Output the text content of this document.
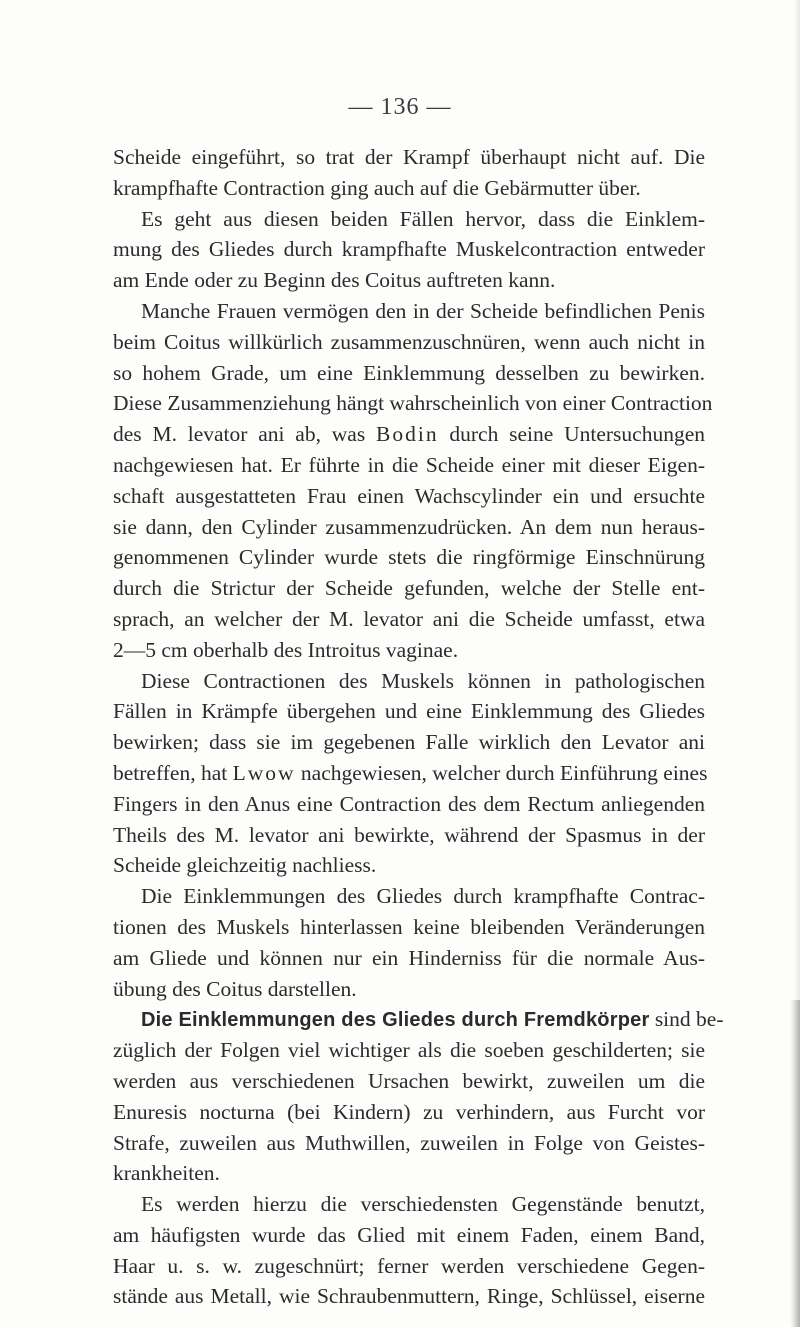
— 136 —
Scheide eingeführt, so trat der Krampf überhaupt nicht auf. Die
krampfhafte Contraction ging auch auf die Gebärmutter über.
Es geht aus diesen beiden Fällen hervor, dass die Einklem-
mung des Gliedes durch krampfhafte Muskelcontraction entweder
am Ende oder zu Beginn des Coitus auftreten kann.
Manche Frauen vermögen den in der Scheide befindlichen Penis
beim Coitus willkürlich zusammenzuschnüren, wenn auch nicht in
so hohem Grade, um eine Einklemmung desselben zu bewirken.
Diese Zusammenziehung hängt wahrscheinlich von einer Contraction
des M. levator ani ab, was Bodin durch seine Untersuchungen
nachgewiesen hat. Er führte in die Scheide einer mit dieser Eigen-
schaft ausgestatteten Frau einen Wachscylinder ein und ersuchte
sie dann, den Cylinder zusammenzudrücken. An dem nun heraus-
genommenen Cylinder wurde stets die ringförmige Einschnürung
durch die Strictur der Scheide gefunden, welche der Stelle ent-
sprach, an welcher der M. levator ani die Scheide umfasst, etwa
2—5 cm oberhalb des Introitus vaginae.
Diese Contractionen des Muskels können in pathologischen
Fällen in Krämpfe übergehen und eine Einklemmung des Gliedes
bewirken; dass sie im gegebenen Falle wirklich den Levator ani
betreffen, hat Lwow nachgewiesen, welcher durch Einführung eines
Fingers in den Anus eine Contraction des dem Rectum anliegenden
Theils des M. levator ani bewirkte, während der Spasmus in der
Scheide gleichzeitig nachliess.
Die Einklemmungen des Gliedes durch krampfhafte Contrac-
tionen des Muskels hinterlassen keine bleibenden Veränderungen
am Gliede und können nur ein Hinderniss für die normale Aus-
übung des Coitus darstellen.
Die Einklemmungen des Gliedes durch Fremdkörper sind be-
züglich der Folgen viel wichtiger als die soeben geschilderten; sie
werden aus verschiedenen Ursachen bewirkt, zuweilen um die
Enuresis nocturna (bei Kindern) zu verhindern, aus Furcht vor
Strafe, zuweilen aus Muthwillen, zuweilen in Folge von Geistes-
krankheiten.
Es werden hierzu die verschiedensten Gegenstände benutzt,
am häufigsten wurde das Glied mit einem Faden, einem Band,
Haar u. s. w. zugeschnürt; ferner werden verschiedene Gegen-
stände aus Metall, wie Schraubenmuttern, Ringe, Schlüssel, eiserne
